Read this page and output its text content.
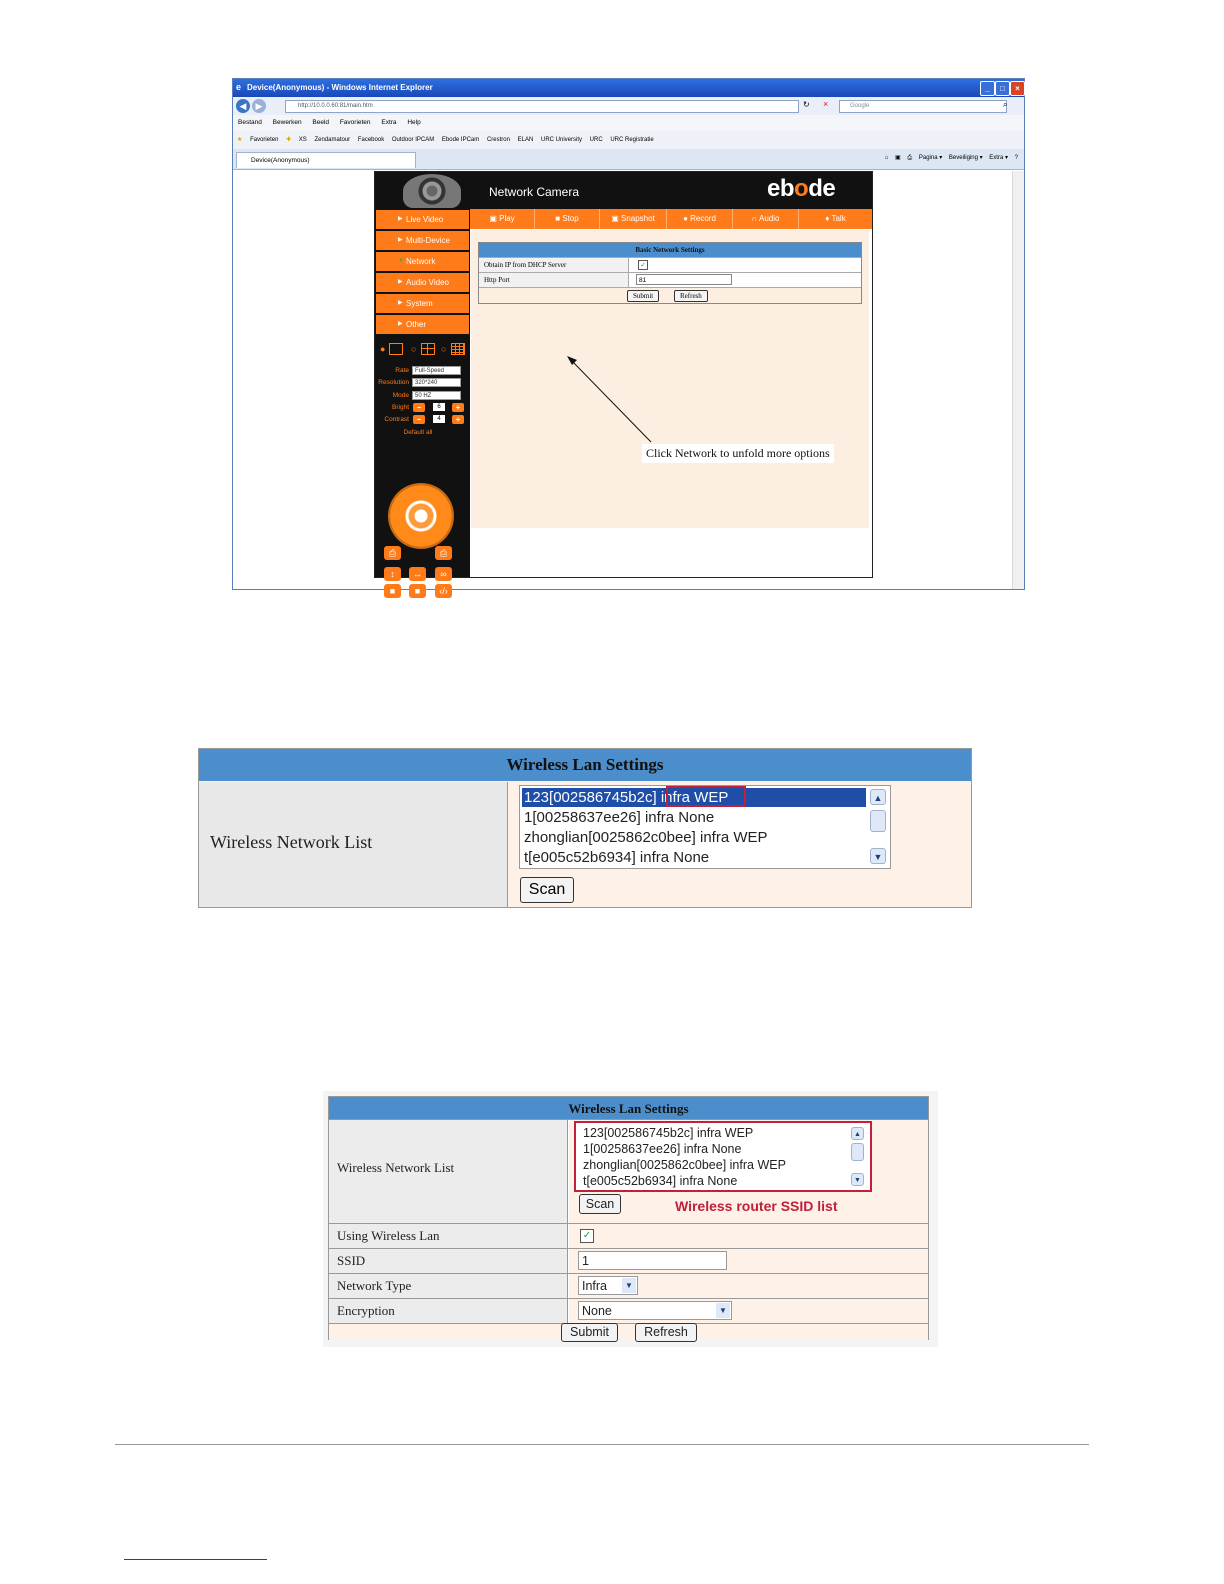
e Device(Anonymous) - Windows Internet Explorer	_	□	×
◀	▶	http://10.0.0.60:81/main.htm	↻ ×	Google	⌕
Bestand Bewerken Beeld Favorieten Extra Help
★ Favorieten ✚ XS Zendamatour Facebook Outdoor IPCAM Ebode IPCam Crestron ELAN URC University URC URC Registratie
Device(Anonymous)	⌂ ▣ ⎙ Pagina ▾ Beveiliging ▾ Extra ▾ ?
Network Camera	ebode
▶ Live Video
▶ Multi-Device
▼ Network
▶ Audio Video
▶ System
▶ Other
●	○	○
Rate	Full-Speed
Resolution	320*240
Mode	50 HZ
Bright −	6	+
Contrast −	4	+
Default all
⎙	⎙
↕	↔	∞
■	■	‹/›
▣ Play	■ Stop	▣ Snapshot	● Record	∩ Audio	♦ Talk
Basic Network Settings
Obtain IP from DHCP Server	✓
Http Port	81
Submit	Refresh
Click Network to unfold more options
Wireless Lan Settings
Wireless Network List
123[002586745b2c] infra WEP
1[00258637ee26] infra None
zhonglian[0025862c0bee] infra WEP
t[e005c52b6934] infra None
▲
▼
Scan
Wireless Lan Settings
Wireless Network List
123[002586745b2c] infra WEP
1[00258637ee26] infra None
zhonglian[0025862c0bee] infra WEP
t[e005c52b6934] infra None
▲
▼
Scan	Wireless router SSID list
Using Wireless Lan	✓
SSID	1
Network Type	Infra	▼
Encryption	None	▼
Submit	Refresh
